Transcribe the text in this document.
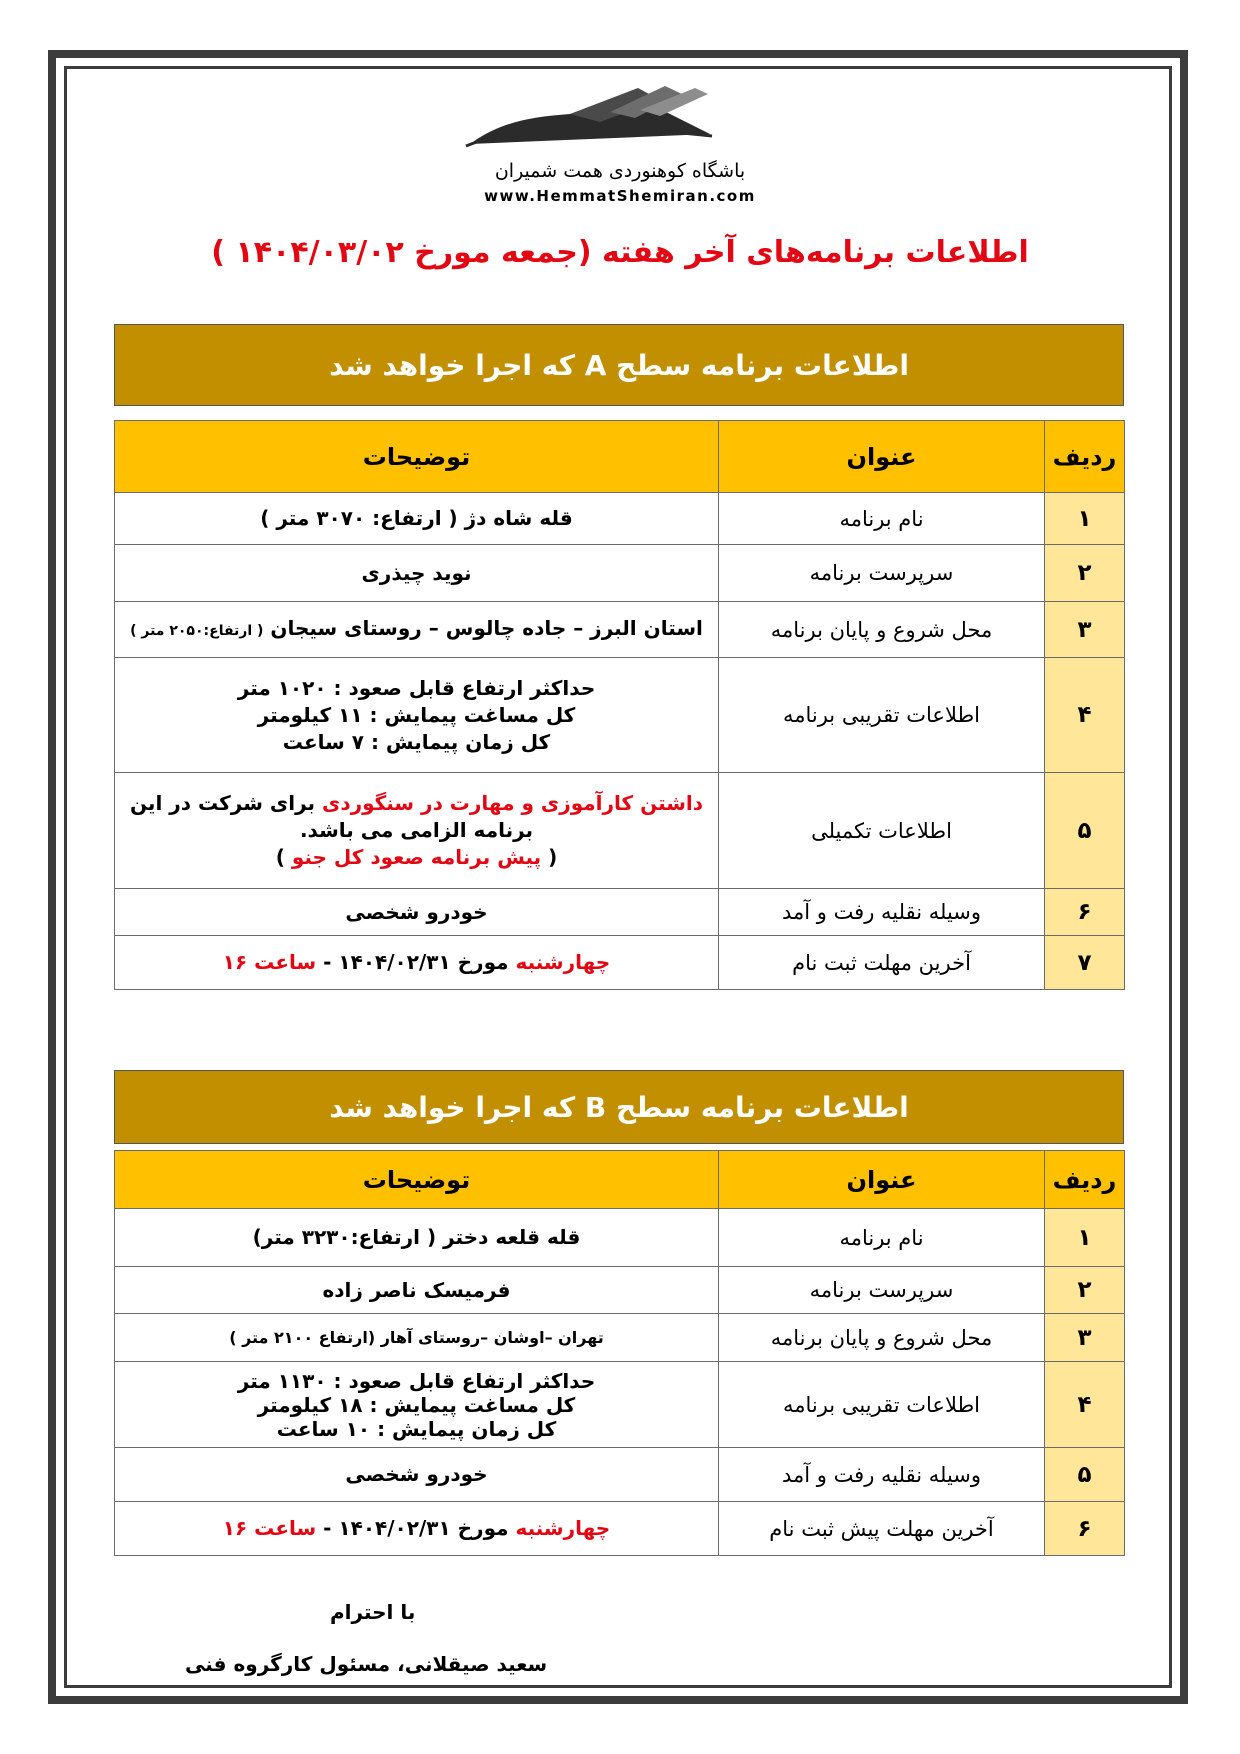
باشگاه کوهنوردی همت شمیران
www.HemmatShemiran.com
اطلاعات برنامه‌های آخر هفته (جمعه مورخ ۱۴۰۴/۰۳/۰۲ )
اطلاعات برنامه سطح A که اجرا خواهد شد
ردیف	عنوان	توضیحات
۱	نام برنامه	قله شاه دژ ( ارتفاع: ۳۰۷۰ متر )
۲	سرپرست برنامه	نوید چیذری
۳	محل شروع و پایان برنامه	استان البرز – جاده چالوس – روستای سیجان ( ارتفاع:۲۰۵۰ متر )
۴	اطلاعات تقریبی برنامه	حداکثر ارتفاع قابل صعود : ۱۰۲۰ متر
کل مساغت پیمایش : ۱۱ کیلومتر
کل زمان پیمایش : ۷ ساعت

۵	اطلاعات تکمیلی	داشتن کارآموزی و مهارت در سنگوردی برای شرکت در این برنامه الزامی می باشد.
( پیش برنامه صعود کل جنو )

۶	وسیله نقلیه رفت و آمد	خودرو شخصی
۷	آخرین مهلت ثبت نام	چهارشنبه مورخ ۱۴۰۴/۰۲/۳۱ - ساعت ۱۶
اطلاعات برنامه سطح B که اجرا خواهد شد
ردیف	عنوان	توضیحات
۱	نام برنامه	قله قلعه دختر ( ارتفاع:۳۲۳۰ متر)
۲	سرپرست برنامه	فرمیسک ناصر زاده
۳	محل شروع و پایان برنامه	تهران –اوشان –روستای آهار (ارتفاع ۲۱۰۰ متر )
۴	اطلاعات تقریبی برنامه	حداکثر ارتفاع قابل صعود : ۱۱۳۰ متر
کل مساغت پیمایش : ۱۸ کیلومتر
کل زمان پیمایش : ۱۰ ساعت

۵	وسیله نقلیه رفت و آمد	خودرو شخصی
۶	آخرین مهلت پیش ثبت نام	چهارشنبه مورخ ۱۴۰۴/۰۲/۳۱ - ساعت ۱۶
با احترام
سعید صیقلانی، مسئول کارگروه فنی
